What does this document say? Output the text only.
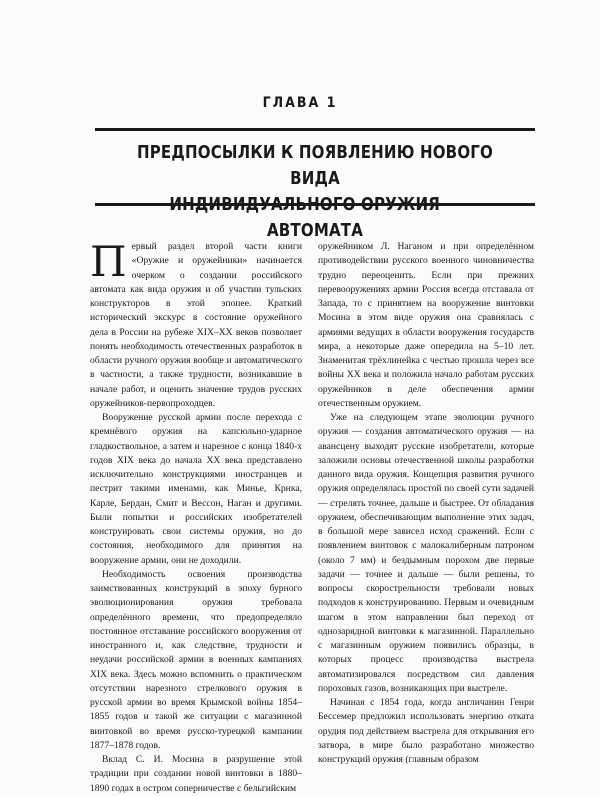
ГЛАВА 1
ПРЕДПОСЫЛКИ К ПОЯВЛЕНИЮ НОВОГО ВИДА
АВТОМАТА

Первый раздел второй части книги «Оружие и оружейники» начинается очерком о создании российского автомата как вида оружия и об участии тульских конструкторов в этой эпопее. Краткий исторический экскурс в состояние оружейного дела в России на рубеже XIX–XX веков позволяет понять необходимость отечественных разработок в области ручного оружия вообще и автоматического в частности, а также трудности, возникавшие в начале работ, и оценить значение трудов русских оружейников-первопроходцев.

Вооружение русской армии после перехода с кремнёвого оружия на капсюльно-ударное гладкоствольное, а затем и нарезное с конца 1840-х годов XIX века до начала XX века представлено исключительно конструкциями иностранцев и пестрит такими именами, как Минье, Крнка, Карле, Бердан, Смит и Вессон, Наган и другими. Были попытки и российских изобретателей конструировать свои системы оружия, но до состояния, необходимого для принятия на вооружение армии, они не доходили.

Необходимость освоения производства заимствованных конструкций в эпоху бурного эволюционирования оружия требовала определённого времени, что предопределяло постоянное отставание российского вооружения от иностранного и, как следствие, трудности и неудачи российской армии в военных кампаниях XIX века. Здесь можно вспомнить о практическом отсутствии нарезного стрелкового оружия в русской армии во время Крымской войны 1854–1855 годов и такой же ситуации с магазинной винтовкой во время русско-турецкой кампании 1877–1878 годов.

Вклад С. И. Мосина в разрушение этой традиции при создании новой винтовки в 1880–1890 годах в остром соперничестве с бельгийским

оружейником Л. Наганом и при определённом противодействии русского военного чиновничества трудно переоценить. Если при прежних перевооружениях армии Россия всегда отставала от Запада, то с принятием на вооружение винтовки Мосина в этом виде оружия она сравнялась с армиями ведущих в области вооружения государств мира, а некоторые даже опередила на 5–10 лет. Знаменитая трёхлинейка с честью прошла через все войны XX века и положила начало работам русских оружейников в деле обеспечения армии отечественным оружием.

Уже на следующем этапе эволюции ручного оружия — создания автоматического оружия — на авансцену выходят русские изобретатели, которые заложили основы отечественной школы разработки данного вида оружия. Концепция развития ручного оружия определялась простой по своей сути задачей — стрелять точнее, дальше и быстрее. От обладания оружием, обеспечивающим выполнение этих задач, в большой мере зависел исход сражений. Если с появлением винтовок с малокалиберным патроном (около 7 мм) и бездымным порохом две первые задачи — точнее и дальше — были решены, то вопросы скорострельности требовали новых подходов к конструированию. Первым и очевидным шагом в этом направлении был переход от однозарядной винтовки к магазинной. Параллельно с магазинным оружием появились образцы, в которых процесс производства выстрела автоматизировался посредством сил давления пороховых газов, возникающих при выстреле.

Начиная с 1854 года, когда англичанин Генри Бессемер предложил использовать энергию отката орудия под действием выстрела для открывания его затвора, в мире было разработано множество конструкций оружия (главным образом
